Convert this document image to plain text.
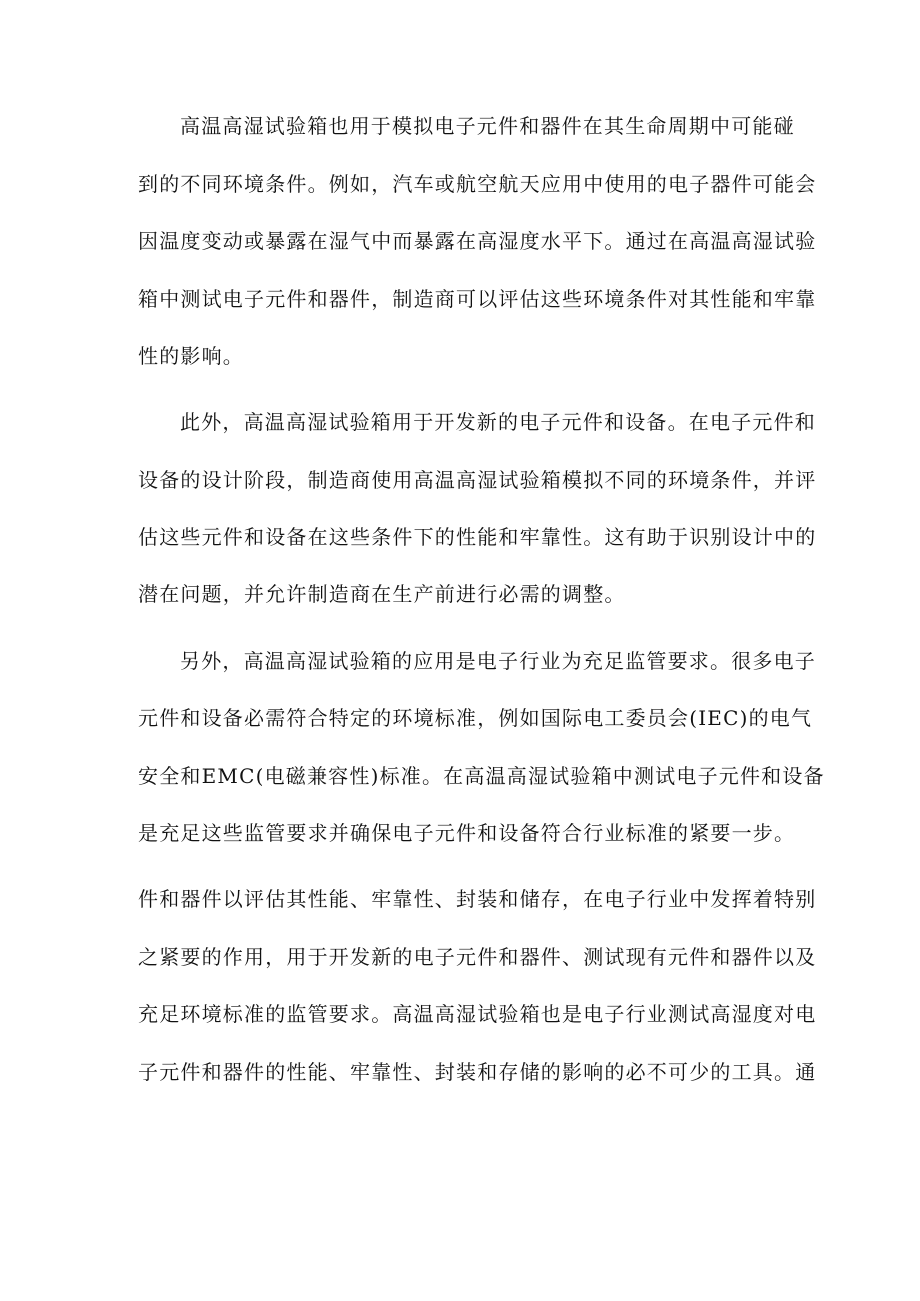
高温高湿试验箱也用于模拟电子元件和器件在其生命周期中可能碰
到的不同环境条件。例如，汽车或航空航天应用中使用的电子器件可能会
因温度变动或暴露在湿气中而暴露在高湿度水平下。通过在高温高湿试验
箱中测试电子元件和器件，制造商可以评估这些环境条件对其性能和牢靠
性的影响。
此外，高温高湿试验箱用于开发新的电子元件和设备。在电子元件和
设备的设计阶段，制造商使用高温高湿试验箱模拟不同的环境条件，并评
估这些元件和设备在这些条件下的性能和牢靠性。这有助于识别设计中的
潜在问题，并允许制造商在生产前进行必需的调整。
另外，高温高湿试验箱的应用是电子行业为充足监管要求。很多电子
元件和设备必需符合特定的环境标准，例如国际电工委员会(IEC)的电气
安全和EMC(电磁兼容性)标准。在高温高湿试验箱中测试电子元件和设备
是充足这些监管要求并确保电子元件和设备符合行业标准的紧要一步。
件和器件以评估其性能、牢靠性、封装和储存，在电子行业中发挥着特别
之紧要的作用，用于开发新的电子元件和器件、测试现有元件和器件以及
充足环境标准的监管要求。高温高湿试验箱也是电子行业测试高湿度对电
子元件和器件的性能、牢靠性、封装和存储的影响的必不可少的工具。通
